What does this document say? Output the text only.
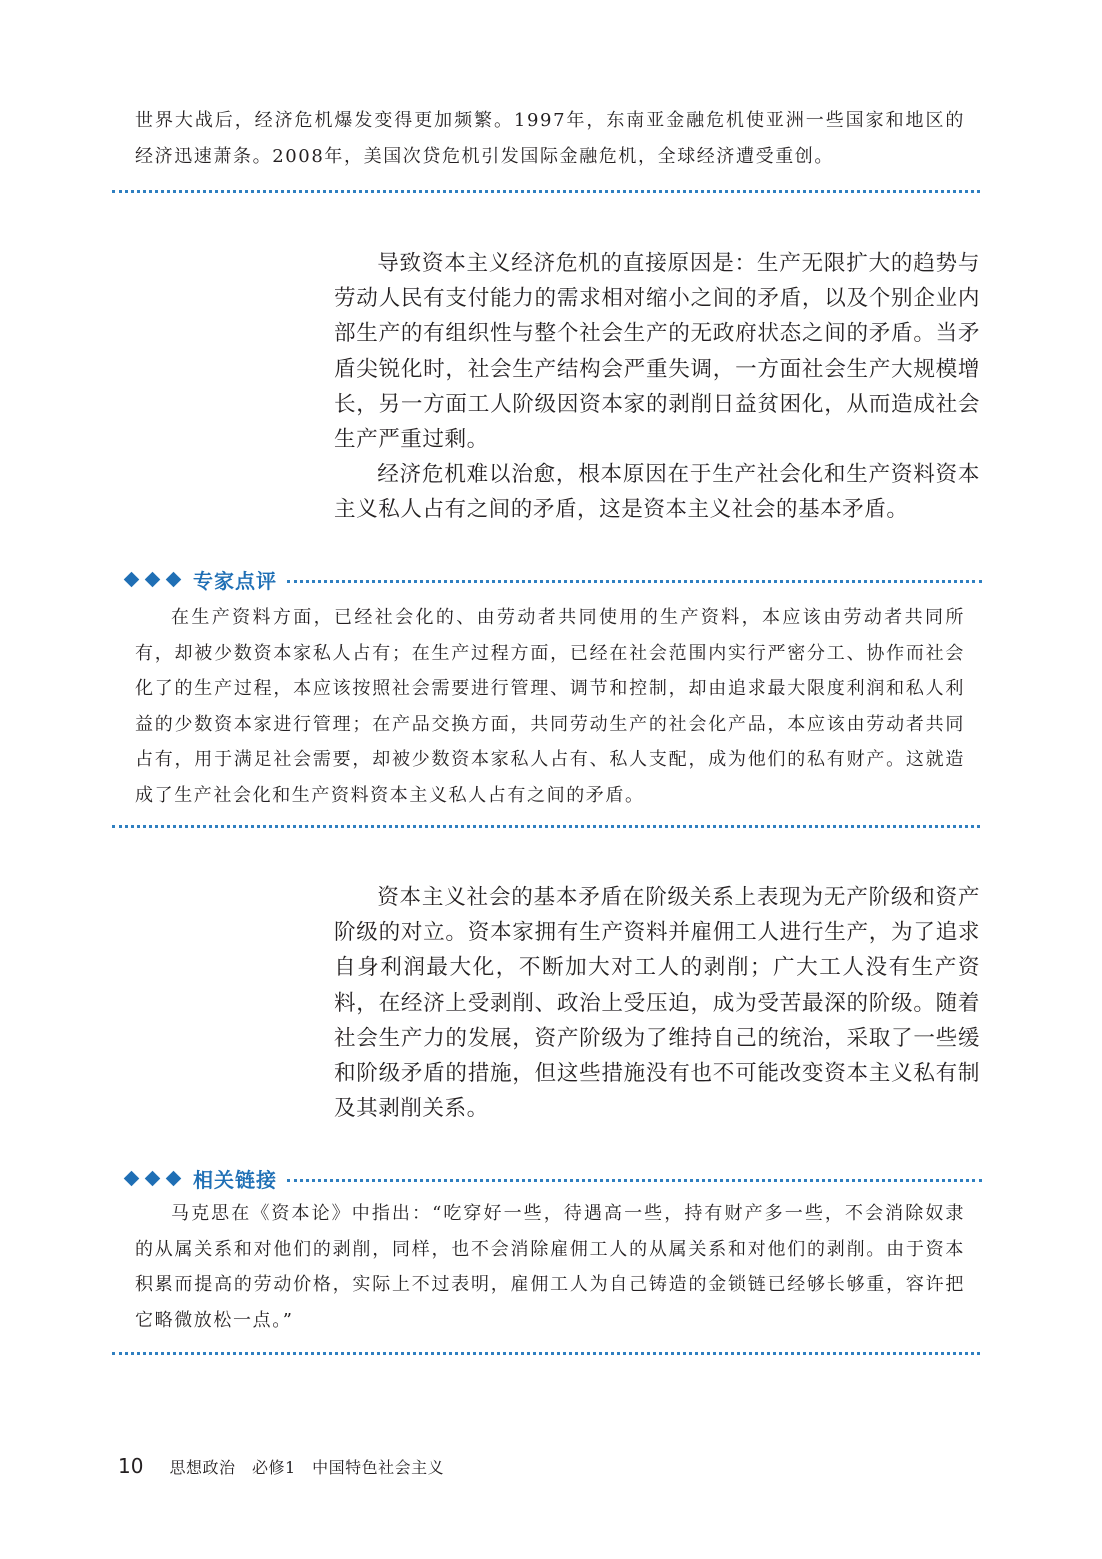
世界大战后，经济危机爆发变得更加频繁。1997年，东南亚金融危机使亚洲一些国家和地区的经济迅速萧条。2008年，美国次贷危机引发国际金融危机，全球经济遭受重创。

导致资本主义经济危机的直接原因是：生产无限扩大的趋势与劳动人民有支付能力的需求相对缩小之间的矛盾，以及个别企业内部生产的有组织性与整个社会生产的无政府状态之间的矛盾。当矛盾尖锐化时，社会生产结构会严重失调，一方面社会生产大规模增长，另一方面工人阶级因资本家的剥削日益贫困化，从而造成社会生产严重过剩。

经济危机难以治愈，根本原因在于生产社会化和生产资料资本主义私人占有之间的矛盾，这是资本主义社会的基本矛盾。

专家点评

在生产资料方面，已经社会化的、由劳动者共同使用的生产资料，本应该由劳动者共同所有，却被少数资本家私人占有；在生产过程方面，已经在社会范围内实行严密分工、协作而社会化了的生产过程，本应该按照社会需要进行管理、调节和控制，却由追求最大限度利润和私人利益的少数资本家进行管理；在产品交换方面，共同劳动生产的社会化产品，本应该由劳动者共同占有，用于满足社会需要，却被少数资本家私人占有、私人支配，成为他们的私有财产。这就造成了生产社会化和生产资料资本主义私人占有之间的矛盾。

资本主义社会的基本矛盾在阶级关系上表现为无产阶级和资产阶级的对立。资本家拥有生产资料并雇佣工人进行生产，为了追求自身利润最大化，不断加大对工人的剥削；广大工人没有生产资料，在经济上受剥削、政治上受压迫，成为受苦最深的阶级。随着社会生产力的发展，资产阶级为了维持自己的统治，采取了一些缓和阶级矛盾的措施，但这些措施没有也不可能改变资本主义私有制及其剥削关系。

相关链接

马克思在《资本论》中指出：“吃穿好一些，待遇高一些，持有财产多一些，不会消除奴隶的从属关系和对他们的剥削，同样，也不会消除雇佣工人的从属关系和对他们的剥削。由于资本积累而提高的劳动价格，实际上不过表明，雇佣工人为自己铸造的金锁链已经够长够重，容许把它略微放松一点。”

10 思想政治　必修1　中国特色社会主义
